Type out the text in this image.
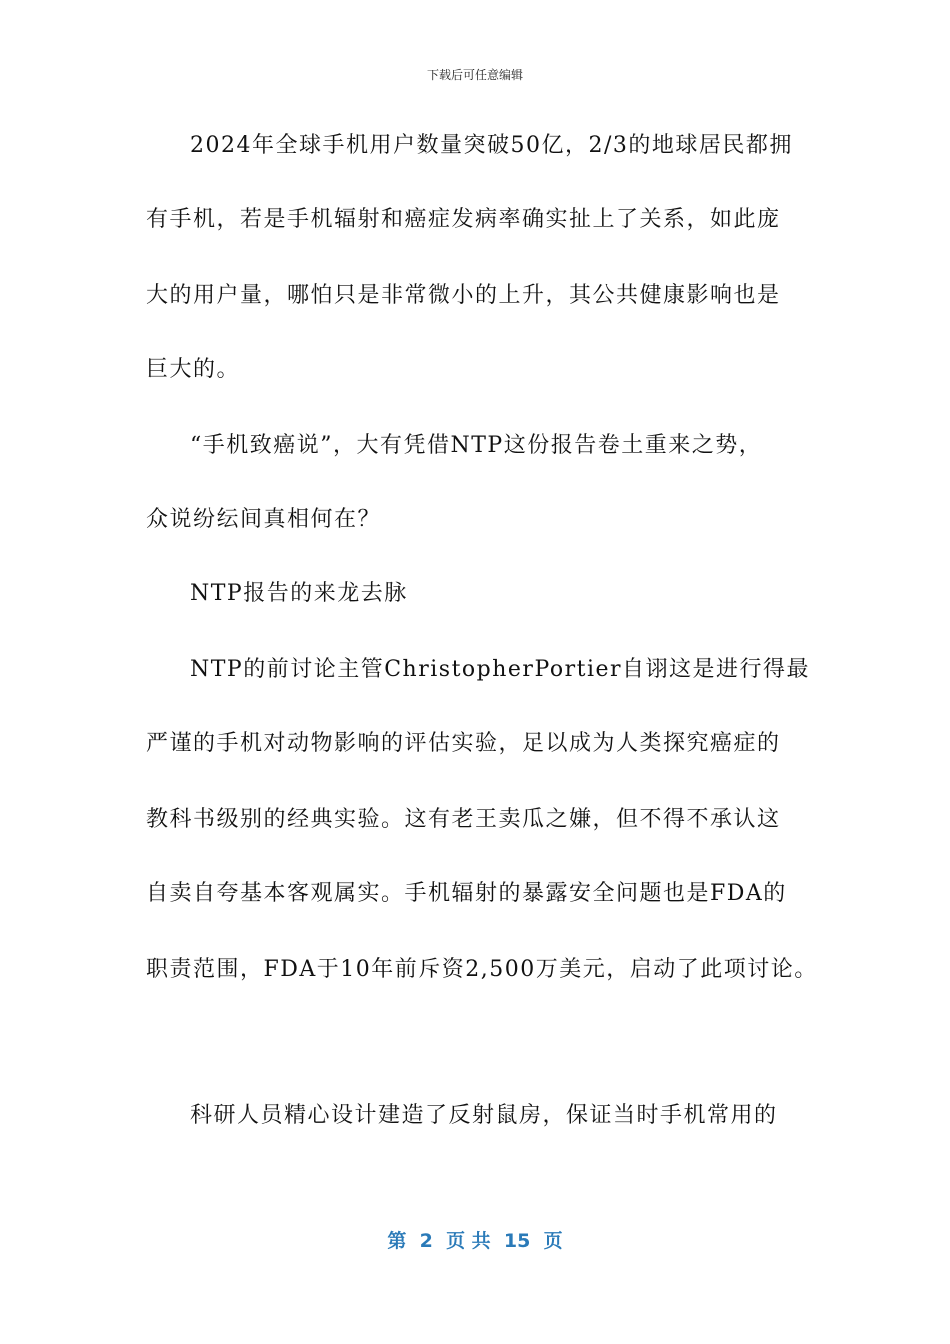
下载后可任意编辑
2024年全球手机用户数量突破50亿，2/3的地球居民都拥
有手机，若是手机辐射和癌症发病率确实扯上了关系，如此庞
大的用户量，哪怕只是非常微小的上升，其公共健康影响也是
巨大的。
“手机致癌说”，大有凭借NTP这份报告卷土重来之势，
众说纷纭间真相何在？
NTP报告的来龙去脉
NTP的前讨论主管ChristopherPortier自诩这是进行得最
严谨的手机对动物影响的评估实验，足以成为人类探究癌症的
教科书级别的经典实验。这有老王卖瓜之嫌，但不得不承认这
自卖自夸基本客观属实。手机辐射的暴露安全问题也是FDA的
职责范围，FDA于10年前斥资2,500万美元，启动了此项讨论。
科研人员精心设计建造了反射鼠房，保证当时手机常用的
第  2  页 共  15  页
